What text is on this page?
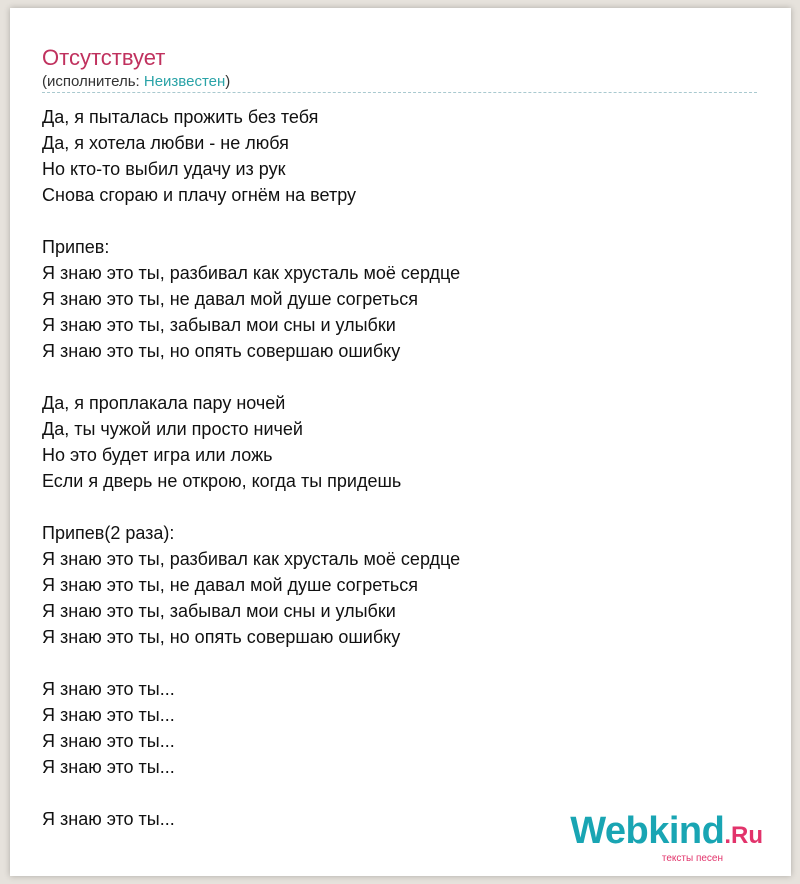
Отсутствует
(исполнитель: Неизвестен)
Да, я пыталась прожить без тебя
Да, я хотела любви - не любя
Но кто-то выбил удачу из рук
Снова сгораю и плачу огнём на ветру
Припев:
Я знаю это ты, разбивал как хрусталь моё сердце
Я знаю это ты, не давал мой душе согреться
Я знаю это ты, забывал мои сны и улыбки
Я знаю это ты, но опять совершаю ошибку
Да, я проплакала пару ночей
Да, ты чужой или просто ничей
Но это будет игра или ложь
Если я дверь не открою, когда ты придешь
Припев(2 раза):
Я знаю это ты, разбивал как хрусталь моё сердце
Я знаю это ты, не давал мой душе согреться
Я знаю это ты, забывал мои сны и улыбки
Я знаю это ты, но опять совершаю ошибку
Я знаю это ты...
Я знаю это ты...
Я знаю это ты...
Я знаю это ты...
Я знаю это ты...	Webkind.Ru
тексты песен
